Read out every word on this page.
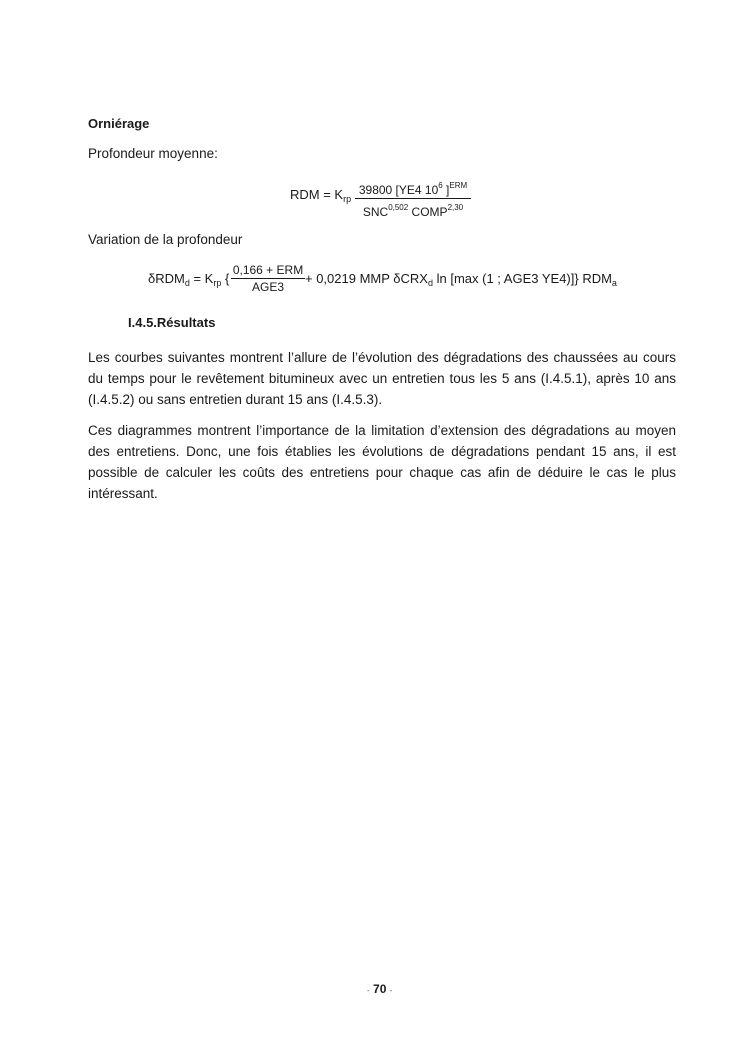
Orniérage
Profondeur moyenne:
RDM = $K_{rp}$
39800 [YE4 $10^6$ ]$^{ERM}$
SNC$^{0,502}$ COMP$^{2,30}$
Variation de la profondeur
$\delta RDM_d = K_{rp}$ {
0,166 + ERM
AGE3
+ 0,0219 MMP δCRX$_d$ ln [max (1 ; AGE3 YE4)]} $RDM_a$
I.4.5.Résultats
Les courbes suivantes montrent l’allure de l’évolution des dégradations des chaussées au cours du temps pour le revêtement bitumineux avec un entretien tous les 5 ans (I.4.5.1), après 10 ans (I.4.5.2) ou sans entretien durant 15 ans (I.4.5.3).
Ces diagrammes montrent l’importance de la limitation d’extension des dégradations au moyen des entretiens. Donc, une fois établies les évolutions de dégradations pendant 15 ans, il est possible de calculer les coûts des entretiens pour chaque cas afin de déduire le cas le plus intéressant.
- 70 -
